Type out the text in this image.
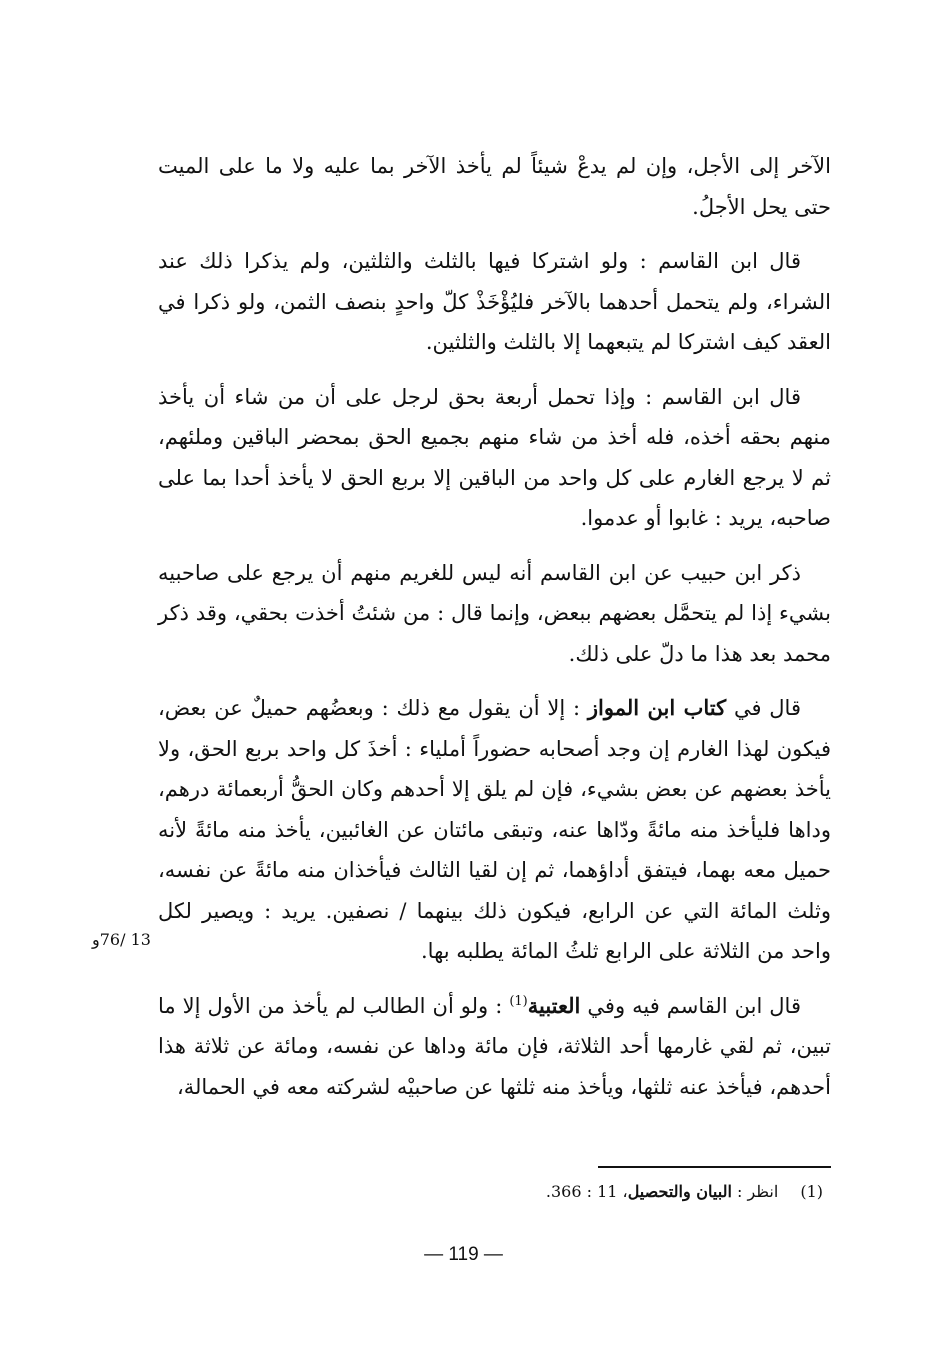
الآخر إلى الأجل، وإن لم يدعْ شيئاً لم يأخذ الآخر بما عليه ولا ما على الميت حتى يحل الأجلُ.

قال ابن القاسم : ولو اشتركا فيها بالثلث والثلثين، ولم يذكرا ذلك عند الشراء، ولم يتحمل أحدهما بالآخر فليُؤْخَذْ كلّ واحدٍ بنصف الثمن، ولو ذكرا في العقد كيف اشتركا لم يتبعهما إلا بالثلث والثلثين.

قال ابن القاسم : وإذا تحمل أربعة بحق لرجل على أن من شاء أن يأخذ منهم بحقه أخذه، فله أخذ من شاء منهم بجميع الحق بمحضر الباقين وملئهم، ثم لا يرجع الغارم على كل واحد من الباقين إلا بربع الحق لا يأخذ أحدا بما على صاحبه، يريد : غابوا أو عدموا.

ذكر ابن حبيب عن ابن القاسم أنه ليس للغريم منهم أن يرجع على صاحبيه بشيء إذا لم يتحمَّل بعضهم ببعض، وإنما قال : من شئتُ أخذت بحقي، وقد ذكر محمد بعد هذا ما دلّ على ذلك.

قال في كتاب ابن المواز : إلا أن يقول مع ذلك : وبعضُهم حميلٌ عن بعض، فيكون لهذا الغارم إن وجد أصحابه حضوراً أملياء : أخذَ كل واحد بربع الحق، ولا يأخذ بعضهم عن بعض بشيء، فإن لم يلق إلا أحدهم وكان الحقُّ أربعمائة درهم، وداها فليأخذ منه مائةً ودّاها عنه، وتبقى مائتان عن الغائبين، يأخذ منه مائةً لأنه حميل معه بهما، فيتفق أداؤهما، ثم إن لقيا الثالث فيأخذان منه مائةً عن نفسه، وثلث المائة التي عن الرابع، فيكون ذلك بينهما / نصفين. يريد : ويصير لكل واحد من الثلاثة على الرابع ثلثُ المائة يطلبه بها.

قال ابن القاسم فيه وفي العتبية$^{(1)}$ : ولو أن الطالب لم يأخذ من الأول إلا ما تبين، ثم لقي غارمها أحد الثلاثة، فإن مائة وداها عن نفسه، ومائة عن ثلاثة هذا أحدهم، فيأخذ عنه ثلثها، ويأخذ منه ثلثها عن صاحبيْه لشركته معه في الحمالة،

13 /76و
(1)انظر : البيان والتحصيل، 11 : 366.
— 119 —
